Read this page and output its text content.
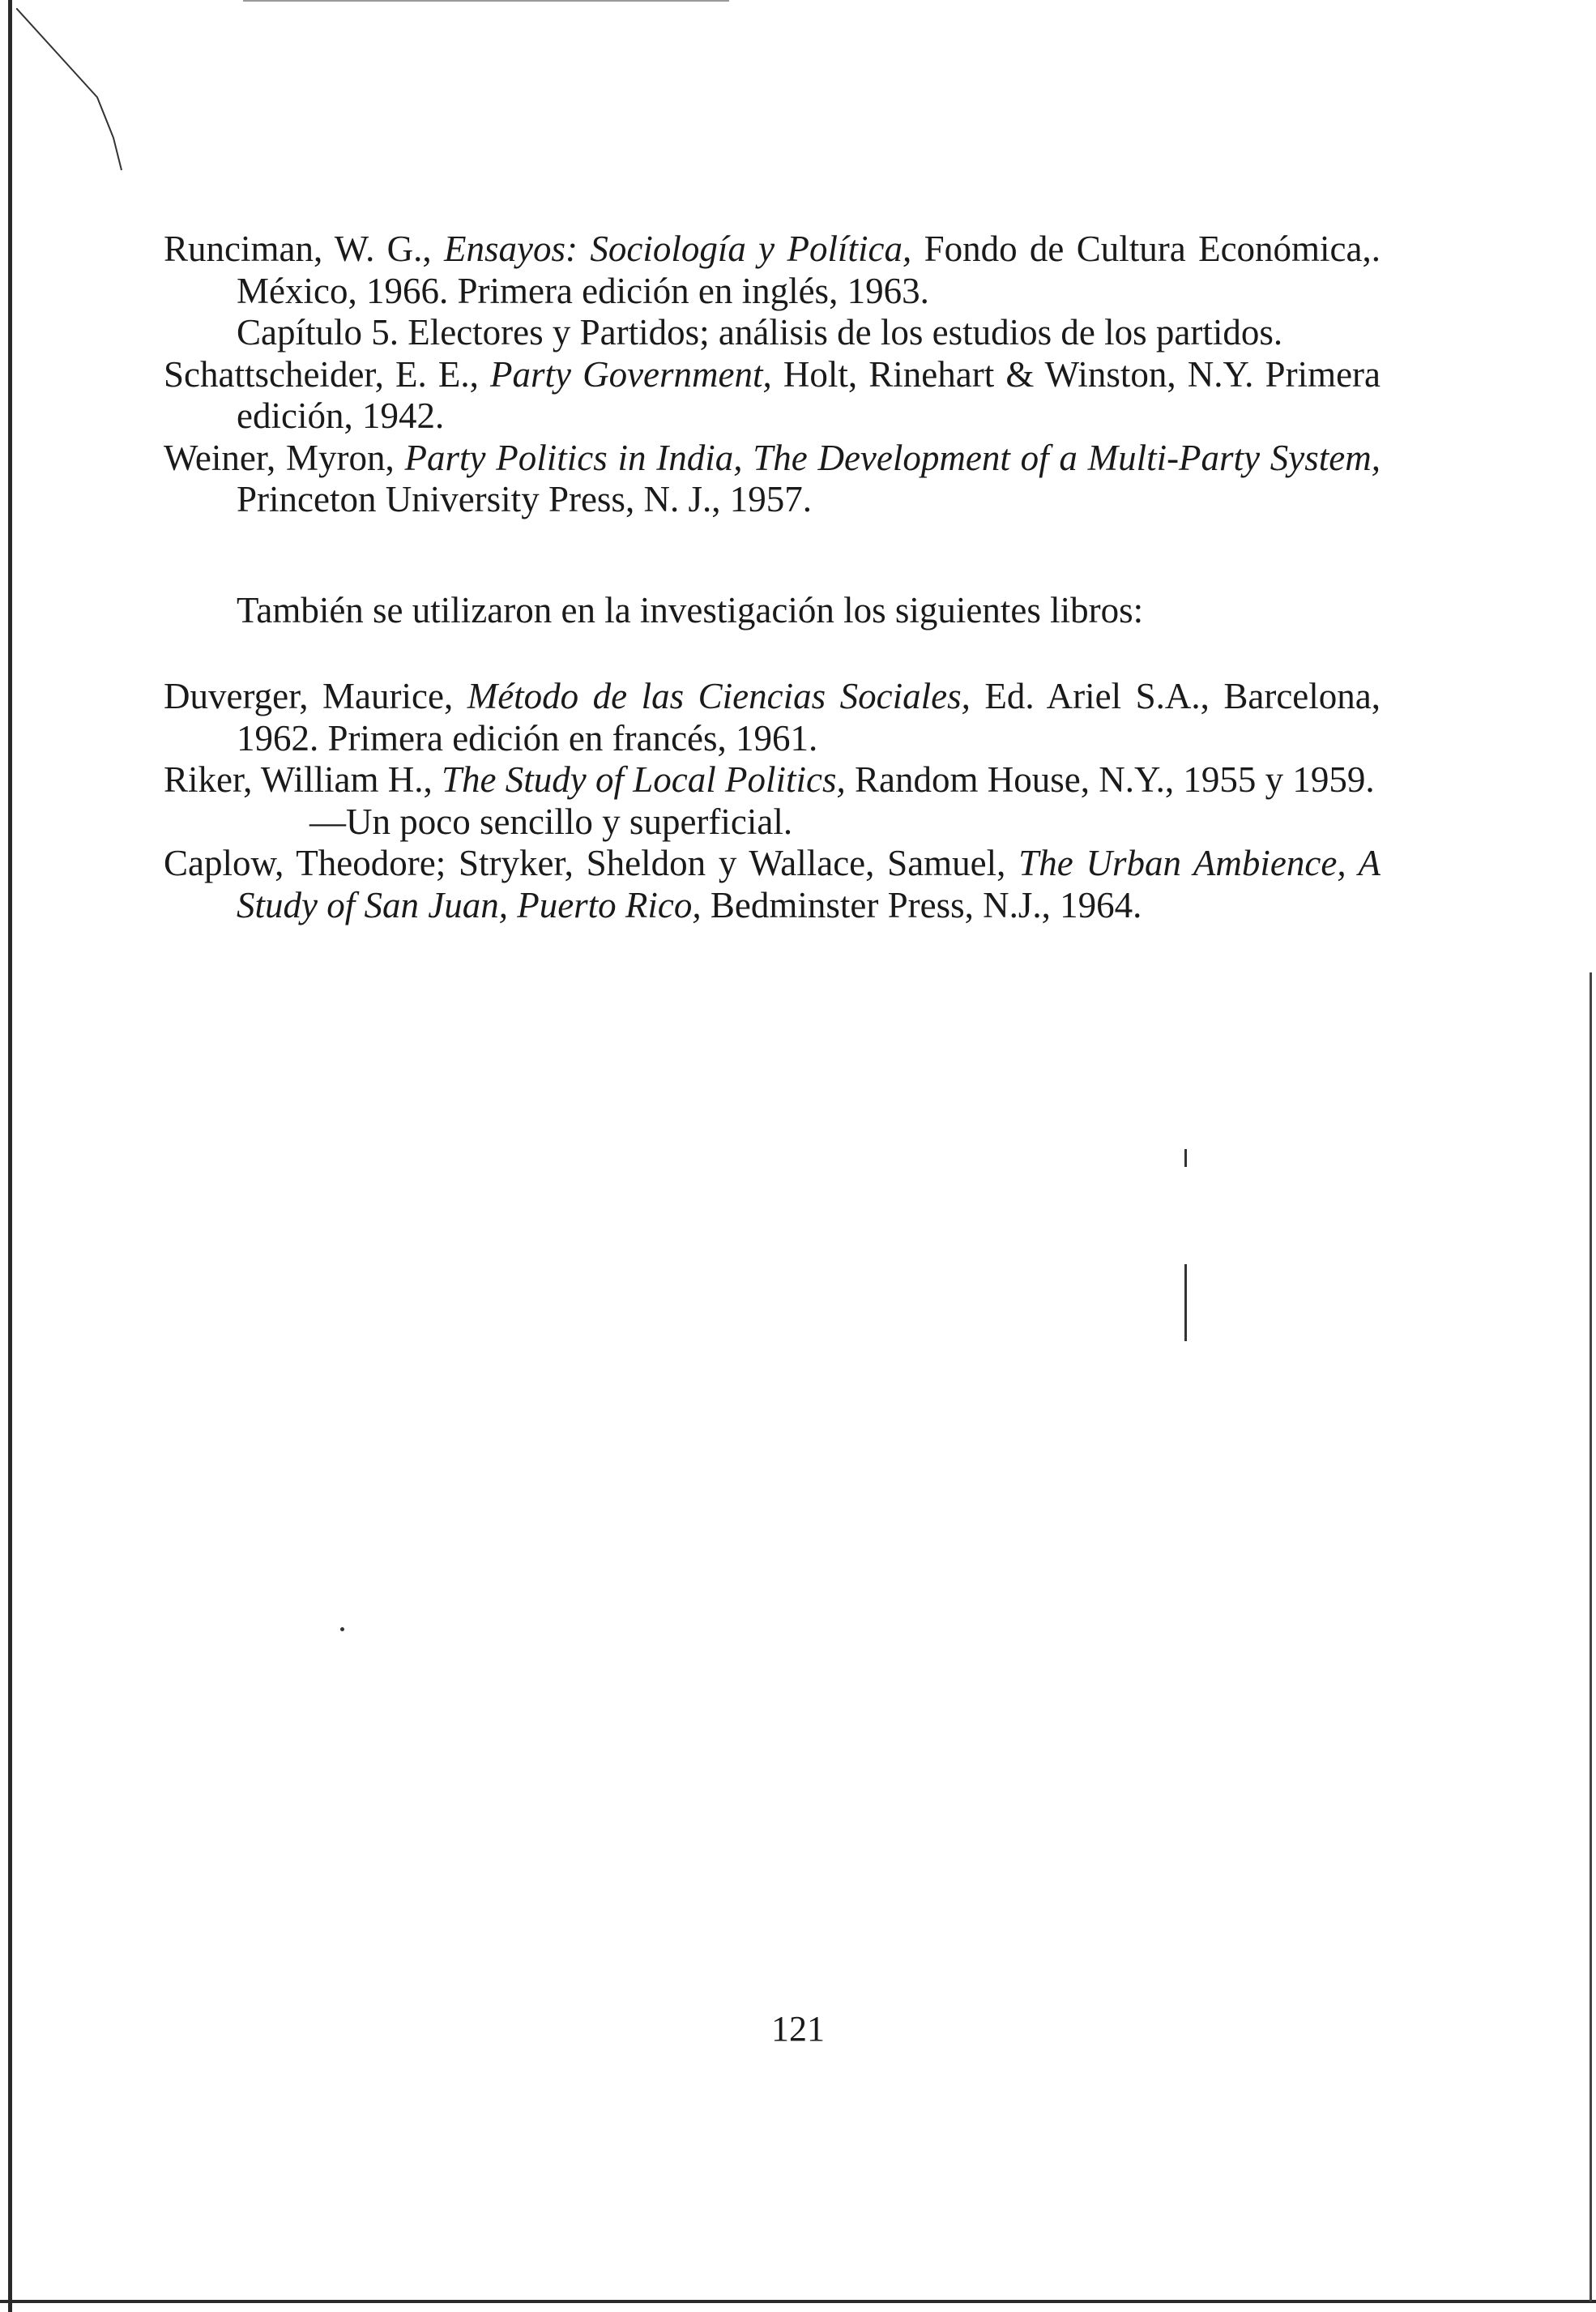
Runciman, W. G., Ensayos: Sociología y Política, Fondo de Cultura Económica,. México, 1966. Primera edición en inglés, 1963.

Capítulo 5. Electores y Partidos; análisis de los estudios de los partidos.

Schattscheider, E. E., Party Government, Holt, Rinehart & Winston, N.Y. Primera edición, 1942.

Weiner, Myron, Party Politics in India, The Development of a Multi-Party System, Princeton University Press, N. J., 1957.

También se utilizaron en la investigación los siguientes libros:

Duverger, Maurice, Método de las Ciencias Sociales, Ed. Ariel S.A., Barcelona, 1962. Primera edición en francés, 1961.

Riker, William H., The Study of Local Politics, Random House, N.Y., 1955 y 1959.

—Un poco sencillo y superficial.

Caplow, Theodore; Stryker, Sheldon y Wallace, Samuel, The Urban Ambience, A Study of San Juan, Puerto Rico, Bedminster Press, N.J., 1964.

121
